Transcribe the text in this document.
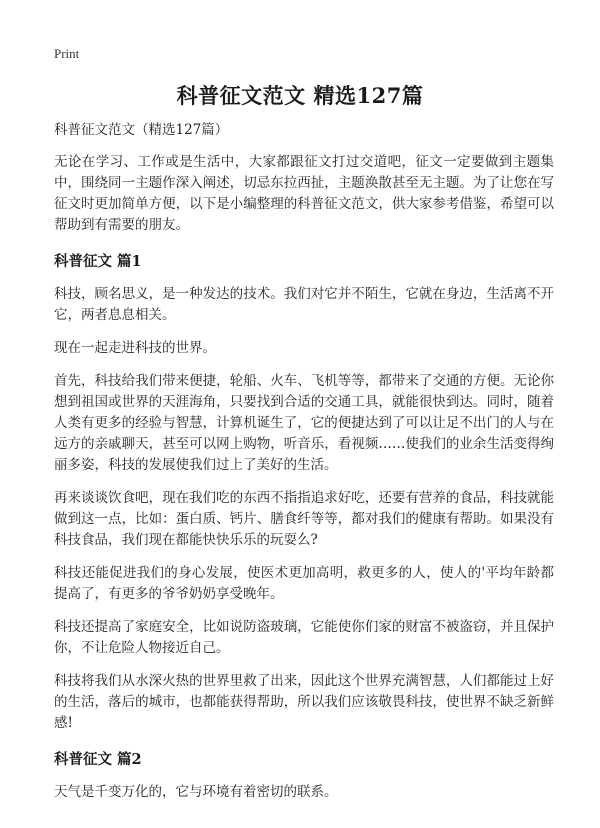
Print
科普征文范文 精选127篇
科普征文范文（精选127篇）

无论在学习、工作或是生活中，大家都跟征文打过交道吧，征文一定要做到主题集中，围绕同一主题作深入阐述，切忌东拉西扯，主题涣散甚至无主题。为了让您在写征文时更加简单方便，以下是小编整理的科普征文范文，供大家参考借鉴，希望可以帮助到有需要的朋友。

科普征文 篇1

科技，顾名思义，是一种发达的技术。我们对它并不陌生，它就在身边，生活离不开它，两者息息相关。

现在一起走进科技的世界。

首先，科技给我们带来便捷，轮船、火车、飞机等等，都带来了交通的方便。无论你想到祖国或世界的天涯海角，只要找到合适的交通工具，就能很快到达。同时，随着人类有更多的经验与智慧，计算机诞生了，它的便捷达到了可以让足不出门的人与在远方的亲戚聊天，甚至可以网上购物，听音乐，看视频……使我们的业余生活变得绚丽多姿，科技的发展使我们过上了美好的生活。

再来谈谈饮食吧，现在我们吃的东西不指指追求好吃，还要有营养的食品，科技就能做到这一点，比如：蛋白质、钙片、膳食纤等等，都对我们的健康有帮助。如果没有科技食品，我们现在都能快快乐乐的玩耍么?

科技还能促进我们的身心发展，使医术更加高明，救更多的人，使人的'平均年龄都提高了，有更多的爷爷奶奶享受晚年。

科技还提高了家庭安全，比如说防盗玻璃，它能使你们家的财富不被盗窃，并且保护你，不让危险人物接近自己。

科技将我们从水深火热的世界里救了出来，因此这个世界充满智慧，人们都能过上好的生活，落后的城市，也都能获得帮助，所以我们应该敬畏科技，使世界不缺乏新鲜感!

科普征文 篇2

天气是千变万化的，它与环境有着密切的联系。
